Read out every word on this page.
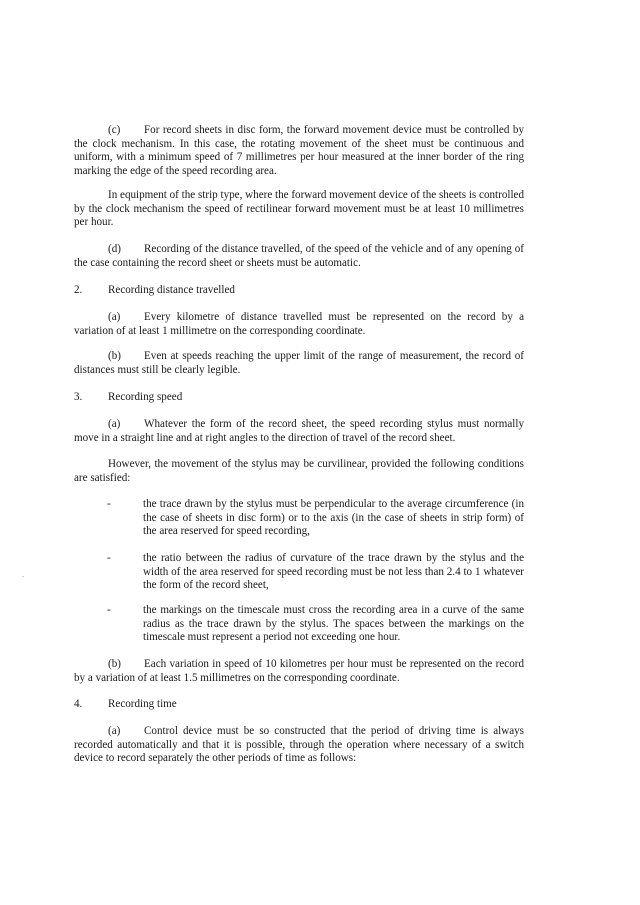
(c) For record sheets in disc form, the forward movement device must be controlled by the clock mechanism. In this case, the rotating movement of the sheet must be continuous and uniform, with a minimum speed of 7 millimetres per hour measured at the inner border of the ring marking the edge of the speed recording area.

In equipment of the strip type, where the forward movement device of the sheets is controlled by the clock mechanism the speed of rectilinear forward movement must be at least 10 millimetres per hour.

(d) Recording of the distance travelled, of the speed of the vehicle and of any opening of the case containing the record sheet or sheets must be automatic.

2. Recording distance travelled

(a) Every kilometre of distance travelled must be represented on the record by a variation of at least 1 millimetre on the corresponding coordinate.

(b) Even at speeds reaching the upper limit of the range of measurement, the record of distances must still be clearly legible.

3. Recording speed

(a) Whatever the form of the record sheet, the speed recording stylus must normally move in a straight line and at right angles to the direction of travel of the record sheet.

However, the movement of the stylus may be curvilinear, provided the following conditions are satisfied:

-	the trace drawn by the stylus must be perpendicular to the average circumference (in the case of sheets in disc form) or to the axis (in the case of sheets in strip form) of the area reserved for speed recording,

-	the ratio between the radius of curvature of the trace drawn by the stylus and the width of the area reserved for speed recording must be not less than 2.4 to 1 whatever the form of the record sheet,

-	the markings on the timescale must cross the recording area in a curve of the same radius as the trace drawn by the stylus. The spaces between the markings on the timescale must represent a period not exceeding one hour.

(b) Each variation in speed of 10 kilometres per hour must be represented on the record by a variation of at least 1.5 millimetres on the corresponding coordinate.

4. Recording time

(a) Control device must be so constructed that the period of driving time is always recorded automatically and that it is possible, through the operation where necessary of a switch device to record separately the other periods of time as follows:
